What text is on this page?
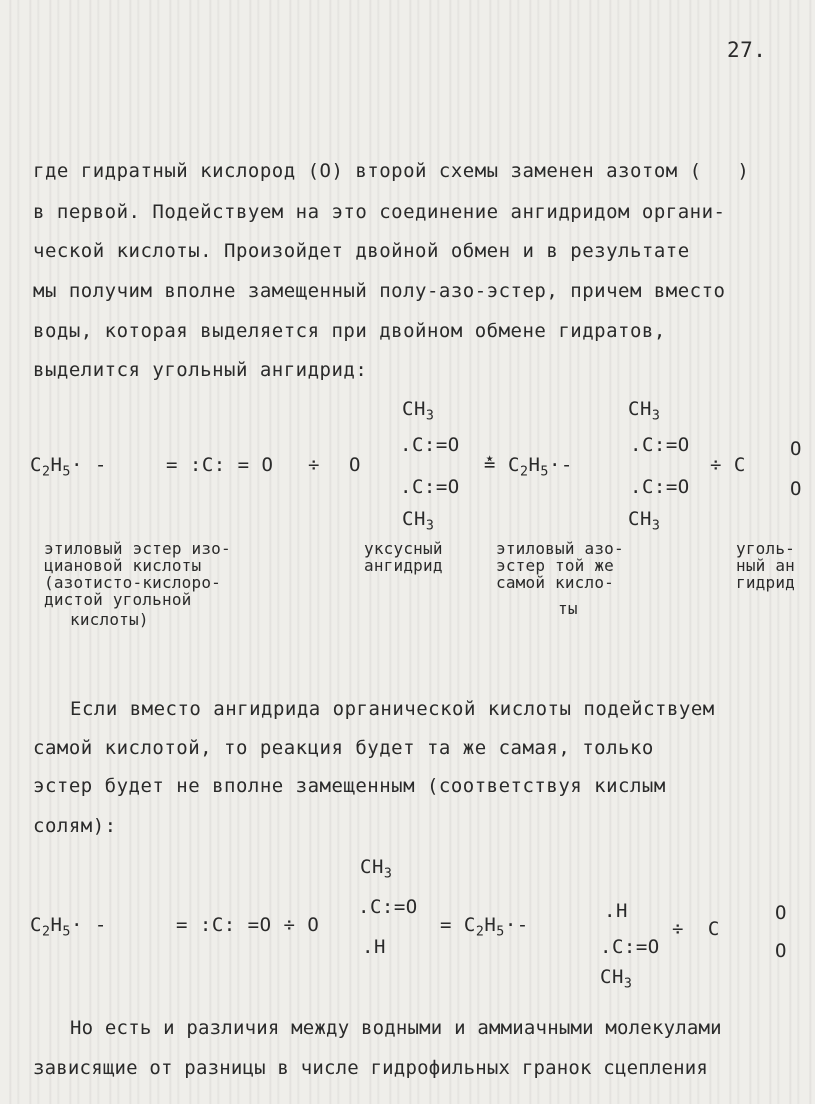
27.
где гидратный кислород (O) второй схемы заменен азотом (   )
в первой. Подействуем на это соединение ангидридом органи-
ческой кислоты. Произойдет двойной обмен и в результате
мы получим вполне замещенный полу-азо-эстер, причем вместо
воды, которая выделяется при двойном обмене гидратов,
выделится угольный ангидрид:
$CH_3$	$CH_3$
$C_2H_5\cdot$ -	= :C: = O ÷ O
.C:=O
.C:=O
≛ $C_2H_5\cdot-$
.C:=O
.C:=O
÷ C
O
O
$CH_3$	$CH_3$
этиловый эстер изо-
циановой кислоты
(азотисто-кислоро-
дистой угольной
кислоты)
уксусный
ангидрид
этиловый азо-
эстер той же
самой кисло-
ты
уголь-
ный ан
гидрид
Если вместо ангидрида органической кислоты подействуем
самой кислотой, то реакция будет та же самая, только
эстер будет не вполне замещенным (соответствуя кислым
солям):
$CH_3$
$C_2H_5\cdot$ -	= :C: =O ÷ O
.C:=O
.H
= $C_2H_5\cdot-$
.H
.C:=O
$CH_3$
÷  C
O
O
Но есть и различия между водными и аммиачными молекулами
зависящие от разницы в числе гидрофильных гранок сцепления
